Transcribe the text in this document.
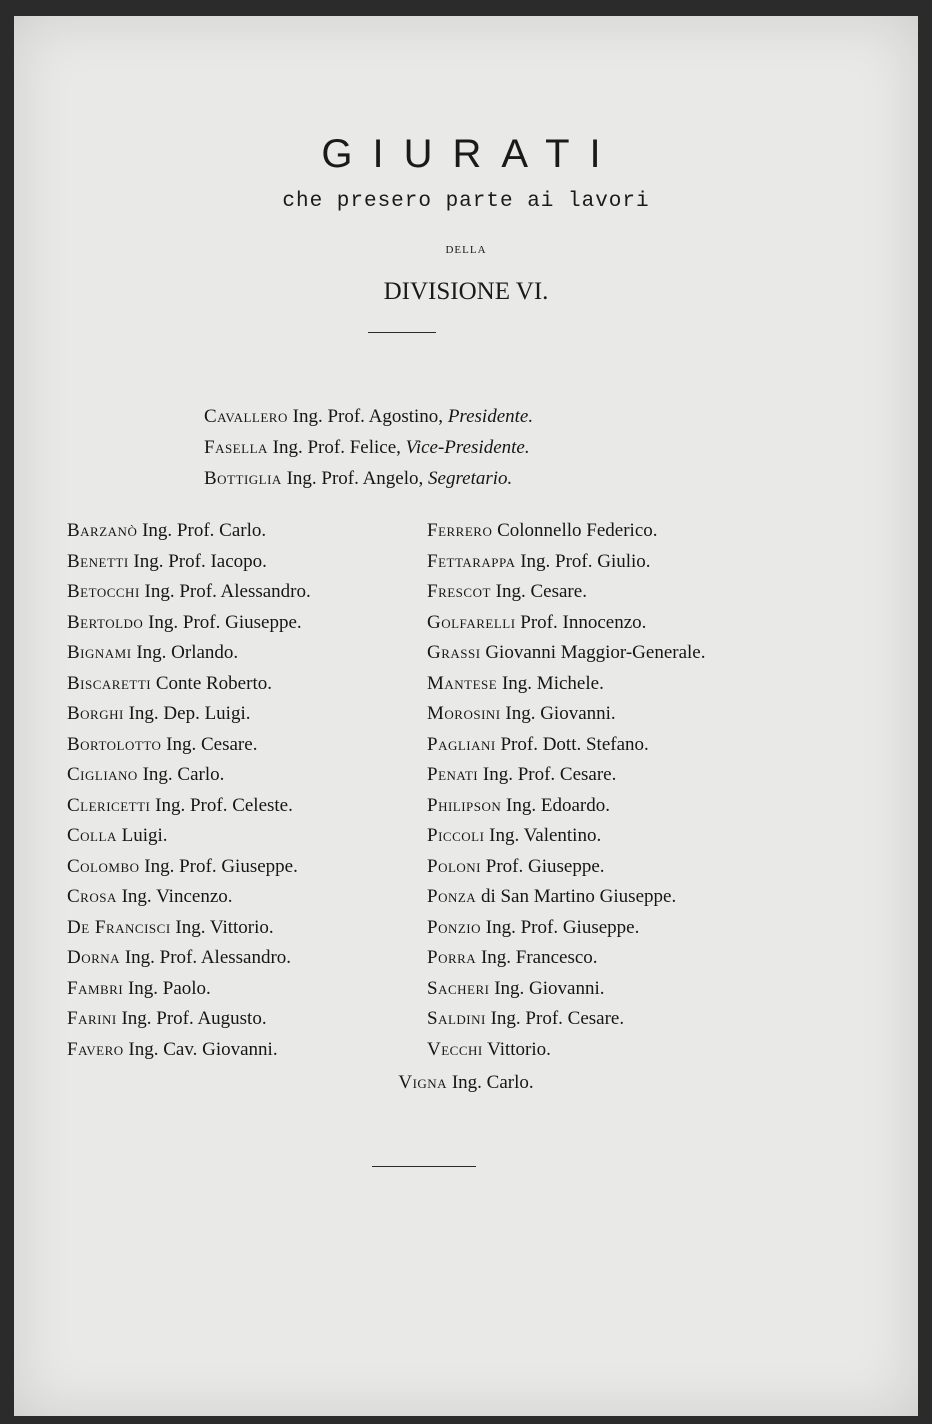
GIURATI
che presero parte ai lavori
DELLA
DIVISIONE VI.
Cavallero Ing. Prof. Agostino, Presidente.
Fasella Ing. Prof. Felice, Vice-Presidente.
Bottiglia Ing. Prof. Angelo, Segretario.
Barzanò Ing. Prof. Carlo.
Benetti Ing. Prof. Iacopo.
Betocchi Ing. Prof. Alessandro.
Bertoldo Ing. Prof. Giuseppe.
Bignami Ing. Orlando.
Biscaretti Conte Roberto.
Borghi Ing. Dep. Luigi.
Bortolotto Ing. Cesare.
Cigliano Ing. Carlo.
Clericetti Ing. Prof. Celeste.
Colla Luigi.
Colombo Ing. Prof. Giuseppe.
Crosa Ing. Vincenzo.
De Francisci Ing. Vittorio.
Dorna Ing. Prof. Alessandro.
Fambri Ing. Paolo.
Farini Ing. Prof. Augusto.
Favero Ing. Cav. Giovanni.
Ferrero Colonnello Federico.
Fettarappa Ing. Prof. Giulio.
Frescot Ing. Cesare.
Golfarelli Prof. Innocenzo.
Grassi Giovanni Maggior-Generale.
Mantese Ing. Michele.
Morosini Ing. Giovanni.
Pagliani Prof. Dott. Stefano.
Penati Ing. Prof. Cesare.
Philipson Ing. Edoardo.
Piccoli Ing. Valentino.
Poloni Prof. Giuseppe.
Ponza di San Martino Giuseppe.
Ponzio Ing. Prof. Giuseppe.
Porra Ing. Francesco.
Sacheri Ing. Giovanni.
Saldini Ing. Prof. Cesare.
Vecchi Vittorio.
Vigna Ing. Carlo.
